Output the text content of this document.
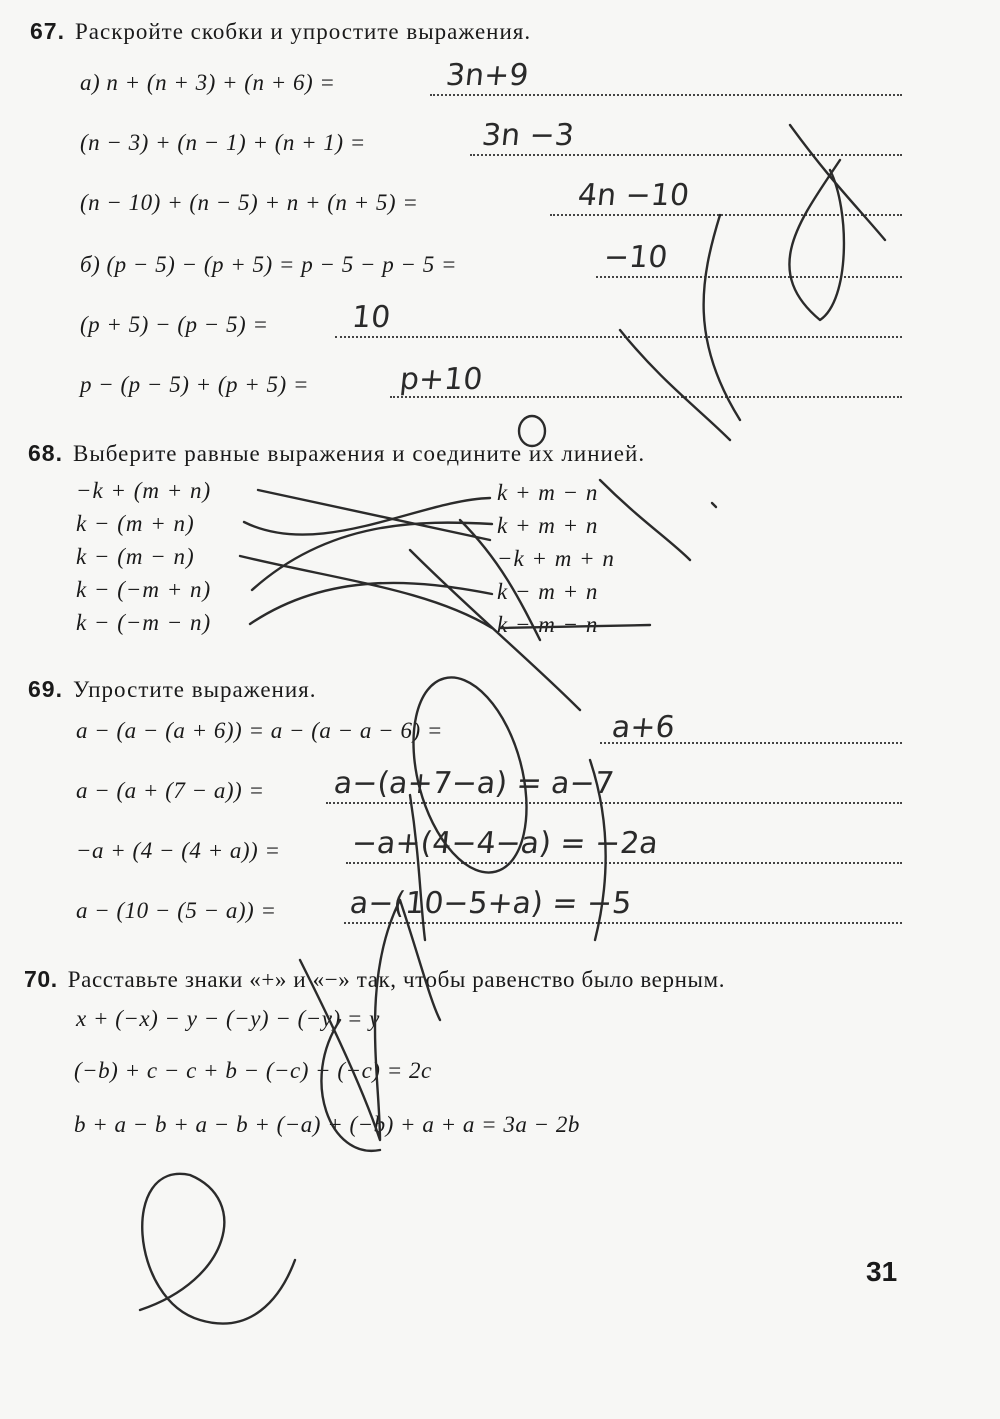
67. Раскройте скобки и упростите выражения.
а) n + (n + 3) + (n + 6) =	3n+9
(n − 3) + (n − 1) + (n + 1) =	3n −3
(n − 10) + (n − 5) + n + (n + 5) =	4n −10
б) (p − 5) − (p + 5) = p − 5 − p − 5 =	−10
(p + 5) − (p − 5) =	10
p − (p − 5) + (p + 5) =	p+10
68. Выберите равные выражения и соедините их линией.
−k + (m + n)
k − (m + n)
k − (m − n)
k − (−m + n)
k − (−m − n)
k + m − n
k + m + n
−k + m + n
k − m + n
k − m − n
69. Упростите выражения.
a − (a − (a + 6)) = a − (a − a − 6) =	a+6
a − (a + (7 − a)) = a−(a+7−a) = a−7
−a + (4 − (4 + a)) = −a+(4−4−a) = −2a
a − (10 − (5 − a)) = a−(10−5+a) = −5
70. Расставьте знаки «+» и «−» так, чтобы равенство было верным.
x + (−x) − y − (−y) − (−y) = y
(−b) + c − c + b − (−c) − (−c) = 2c
b + a − b + a − b + (−a) + (−b) + a + a = 3a − 2b
31
